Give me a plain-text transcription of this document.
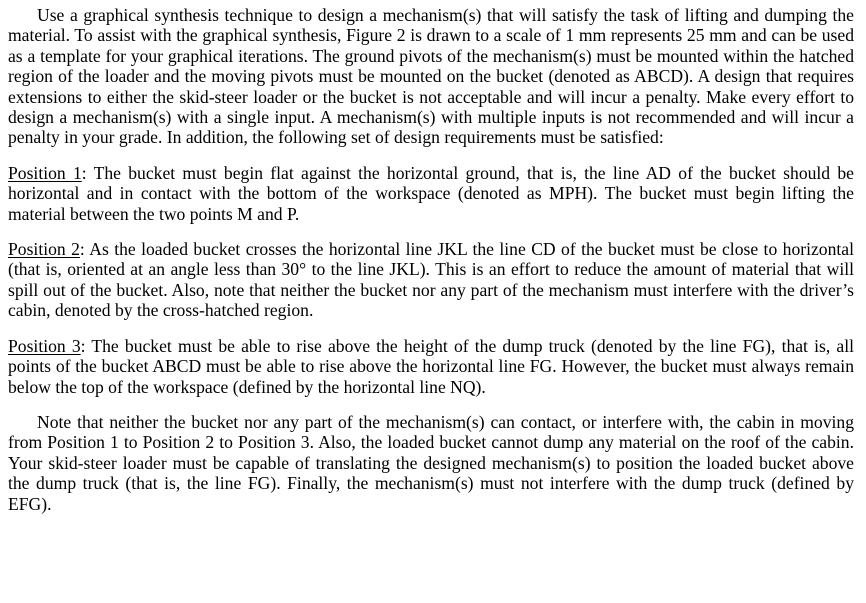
Use a graphical synthesis technique to design a mechanism(s) that will satisfy the task of lifting and dumping the material. To assist with the graphical synthesis, Figure 2 is drawn to a scale of 1 mm represents 25 mm and can be used as a template for your graphical iterations. The ground pivots of the mechanism(s) must be mounted within the hatched region of the loader and the moving pivots must be mounted on the bucket (denoted as ABCD). A design that requires extensions to either the skid-steer loader or the bucket is not acceptable and will incur a penalty. Make every effort to design a mechanism(s) with a single input. A mechanism(s) with multiple inputs is not recommended and will incur a penalty in your grade. In addition, the following set of design requirements must be satisfied:

Position 1: The bucket must begin flat against the horizontal ground, that is, the line AD of the bucket should be horizontal and in contact with the bottom of the workspace (denoted as MPH). The bucket must begin lifting the material between the two points M and P.

Position 2: As the loaded bucket crosses the horizontal line JKL the line CD of the bucket must be close to horizontal (that is, oriented at an angle less than 30° to the line JKL). This is an effort to reduce the amount of material that will spill out of the bucket. Also, note that neither the bucket nor any part of the mechanism must interfere with the driver’s cabin, denoted by the cross-hatched region.

Position 3: The bucket must be able to rise above the height of the dump truck (denoted by the line FG), that is, all points of the bucket ABCD must be able to rise above the horizontal line FG. However, the bucket must always remain below the top of the workspace (defined by the horizontal line NQ).

Note that neither the bucket nor any part of the mechanism(s) can contact, or interfere with, the cabin in moving from Position 1 to Position 2 to Position 3. Also, the loaded bucket cannot dump any material on the roof of the cabin. Your skid-steer loader must be capable of translating the designed mechanism(s) to position the loaded bucket above the dump truck (that is, the line FG). Finally, the mechanism(s) must not interfere with the dump truck (defined by EFG).
